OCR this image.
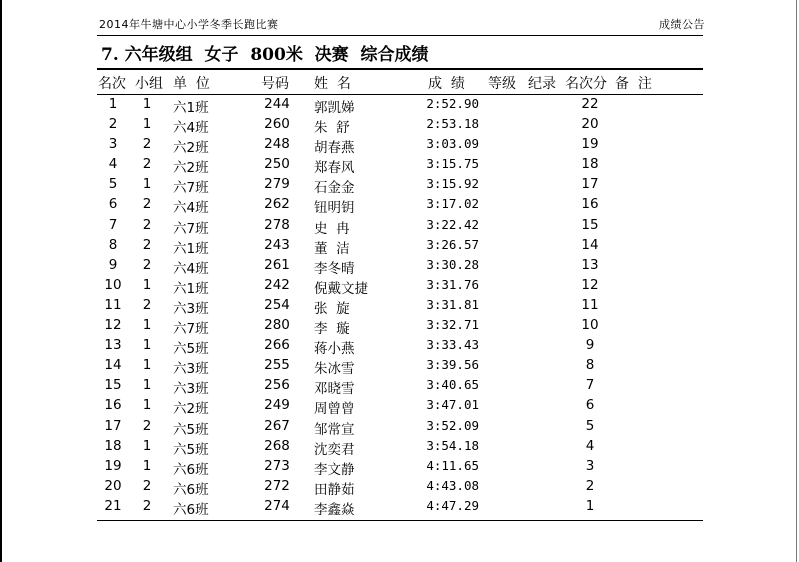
2014年牛塘中心小学冬季长跑比赛	成绩公告
7. 六年级组  女子  800米  决赛  综合成绩
名次 小组 单  位	号码 姓  名	成  绩 等级 纪录 名次分 备  注
1	1 六1班	244 郭凯娣	2:52.90	22
2	1 六4班	260 朱  舒	2:53.18	20
3	2 六2班	248 胡春燕	3:03.09	19
4	2 六2班	250 郑春风	3:15.75	18
5	1 六7班	279 石金金	3:15.92	17
6	2 六4班	262 钮明钥	3:17.02	16
7	2 六7班	278 史  冉	3:22.42	15
8	2 六1班	243 董  洁	3:26.57	14
9	2 六4班	261 李冬晴	3:30.28	13
10 1 六1班	242 倪戴文捷	3:31.76	12
11 2 六3班	254 张  旋	3:31.81	11
12 1 六7班	280 李  璇	3:32.71	10
13 1 六5班	266 蒋小燕	3:33.43	9
14 1 六3班	255 朱冰雪	3:39.56	8
15 1 六3班	256 邓晓雪	3:40.65	7
16 1 六2班	249 周曾曾	3:47.01	6
17 2 六5班	267 邹常宣	3:52.09	5
18 1 六5班	268 沈奕君	3:54.18	4
19 1 六6班	273 李文静	4:11.65	3
20 2 六6班	272 田静茹	4:43.08	2
21 2 六6班	274 李鑫焱	4:47.29	1
